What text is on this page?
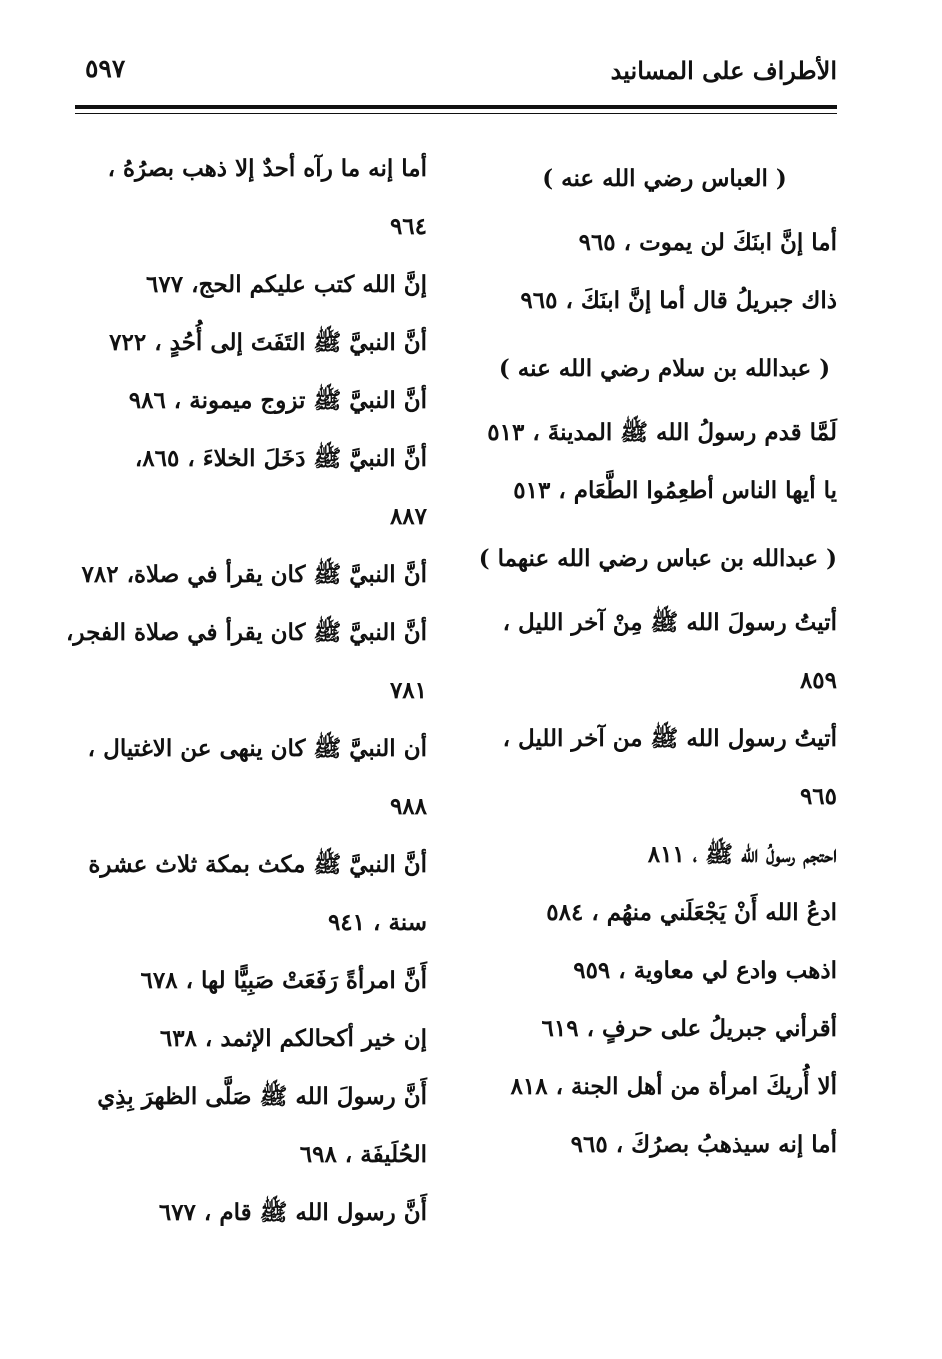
الأطراف على المسانيد
٥٩٧
( العباس رضي الله عنه )
أما إنَّ ابنَكَ لن يموت ، ٩٦٥
ذاك جبريلُ قال أما إنَّ ابنَكَ ، ٩٦٥
( عبدالله بن سلام رضي الله عنه )
لَمَّا قدم رسولُ الله ﷺ المدينةَ ، ٥١٣
يا أيها الناس أطعِمُوا الطَّعَام ، ٥١٣
( عبدالله بن عباس رضي الله عنهما )
أتيتُ رسولَ الله ﷺ مِنْ آخر الليل ،
٨٥٩
أتيتُ رسول الله ﷺ من آخر الليل ،
٩٦٥
احتجم رسولُ الله ﷺ ، ٨١١
ادعُ الله أَنْ يَجْعَلَني منهُم ، ٥٨٤
اذهب وادع لي معاوية ، ٩٥٩
أقرأني جبريلُ على حرفٍ ، ٦١٩
ألا أُريكَ امرأة من أهل الجنة ، ٨١٨
أما إنه سيذهبُ بصرُكَ ، ٩٦٥
أما إنه ما رآه أحدٌ إلا ذهب بصرُهُ ،
٩٦٤
إنَّ الله كتب عليكم الحج، ٦٧٧
أنَّ النبيَّ ﷺ التَفَتَ إلى أُحُدٍ ، ٧٢٢
أنَّ النبيَّ ﷺ تزوج ميمونة ، ٩٨٦
أنَّ النبيَّ ﷺ دَخَلَ الخلاءَ ، ٨٦٥،
٨٨٧
أنَّ النبيَّ ﷺ كان يقرأ في صلاة، ٧٨٢
أنَّ النبيَّ ﷺ كان يقرأ في صلاة الفجر،
٧٨١
أن النبيَّ ﷺ كان ينهى عن الاغتيال ،
٩٨٨
أنَّ النبيَّ ﷺ مكث بمكة ثلاث عشرة
سنة ، ٩٤١
أَنَّ امرأةً رَفَعَتْ صَبِيًّا لها ، ٦٧٨
إن خير أكحالكم الإثمد ، ٦٣٨
أَنَّ رسولَ الله ﷺ صَلَّى الظهرَ بِذِي
الحُلَيفَة ، ٦٩٨
أَنَّ رسول الله ﷺ قام ، ٦٧٧
